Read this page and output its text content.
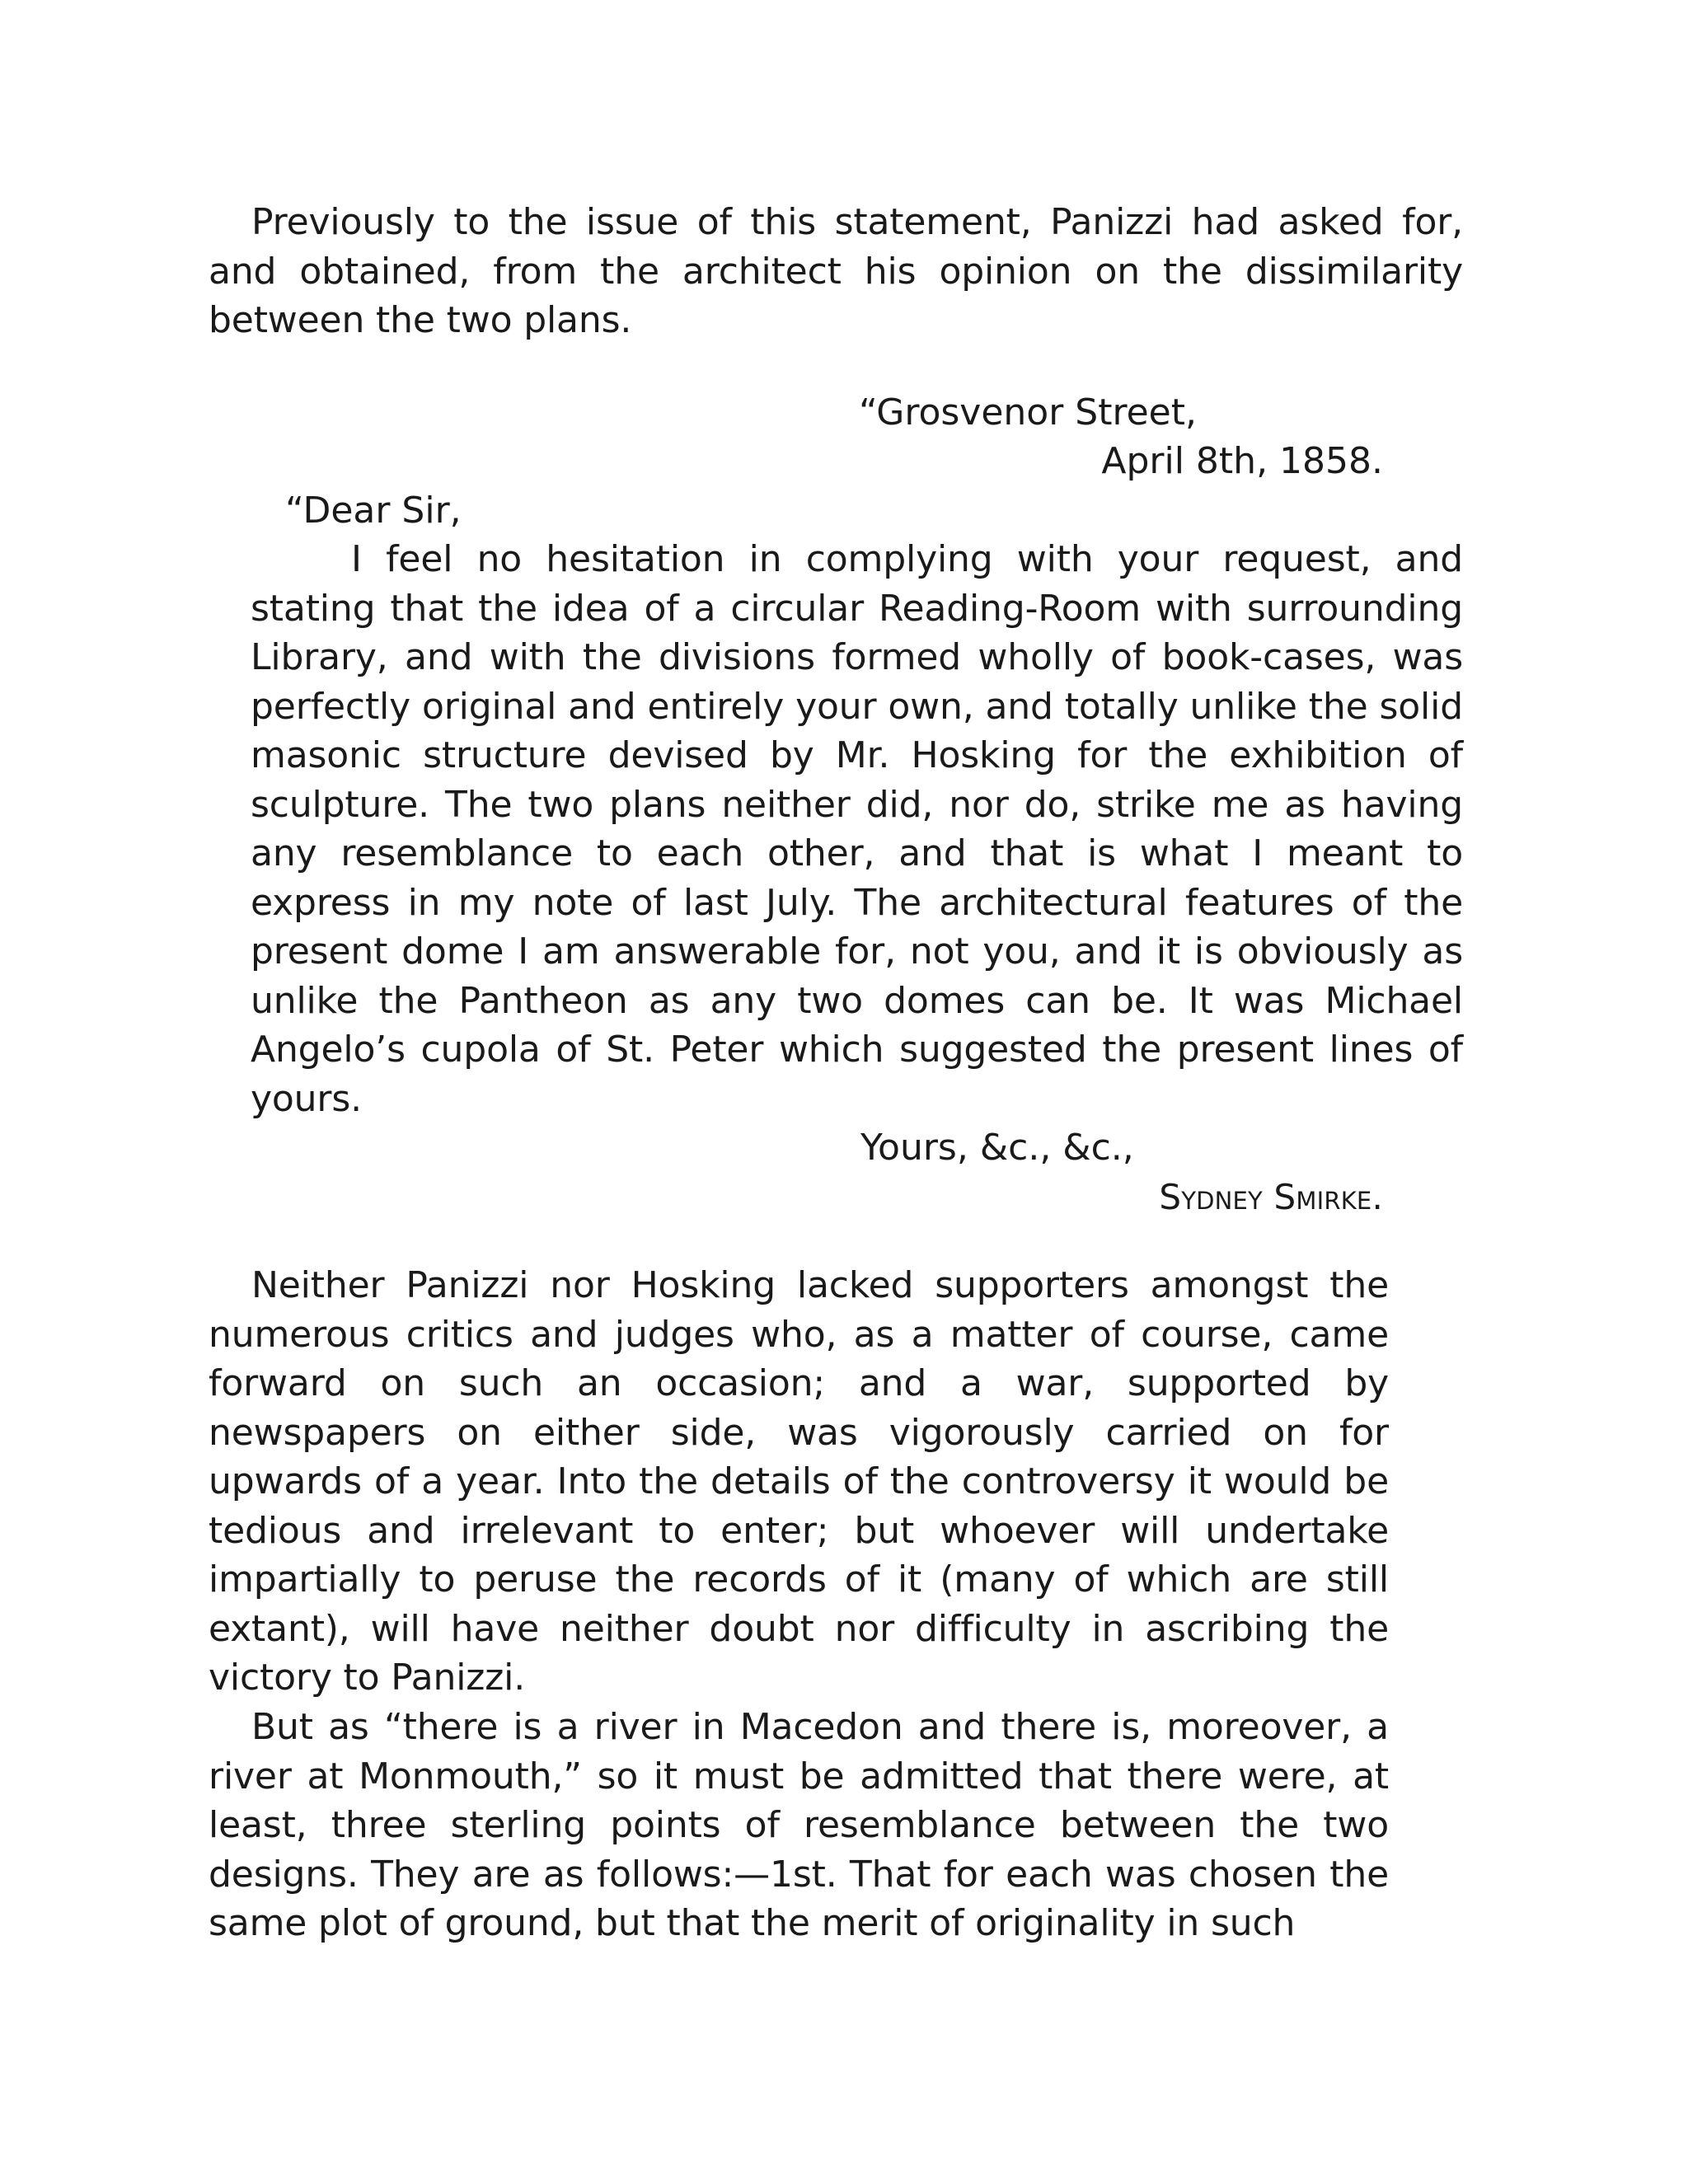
Previously to the issue of this statement, Panizzi had asked for, and obtained, from the architect his opinion on the dissimilarity between the two plans.

“Grosvenor Street,
April 8th, 1858.
“Dear Sir,

I feel no hesitation in complying with your request, and stating that the idea of a circular Reading-Room with surrounding Library, and with the divisions formed wholly of book-cases, was perfectly original and entirely your own, and totally unlike the solid masonic structure devised by Mr. Hosking for the exhibition of sculpture. The two plans neither did, nor do, strike me as having any resemblance to each other, and that is what I meant to express in my note of last July. The architectural features of the present dome I am answerable for, not you, and it is obviously as unlike the Pantheon as any two domes can be. It was Michael Angelo’s cupola of St. Peter which suggested the present lines of yours.

Yours, &c., &c.,
Sydney Smirke.

Neither Panizzi nor Hosking lacked supporters amongst the numerous critics and judges who, as a matter of course, came forward on such an occasion; and a war, supported by newspapers on either side, was vigorously carried on for upwards of a year. Into the details of the controversy it would be tedious and irrelevant to enter; but whoever will undertake impartially to peruse the records of it (many of which are still extant), will have neither doubt nor difficulty in ascribing the victory to Panizzi.

But as “there is a river in Macedon and there is, moreover, a river at Monmouth,” so it must be admitted that there were, at least, three sterling points of resemblance between the two designs. They are as follows:—1st. That for each was chosen the same plot of ground, but that the merit of originality in such
